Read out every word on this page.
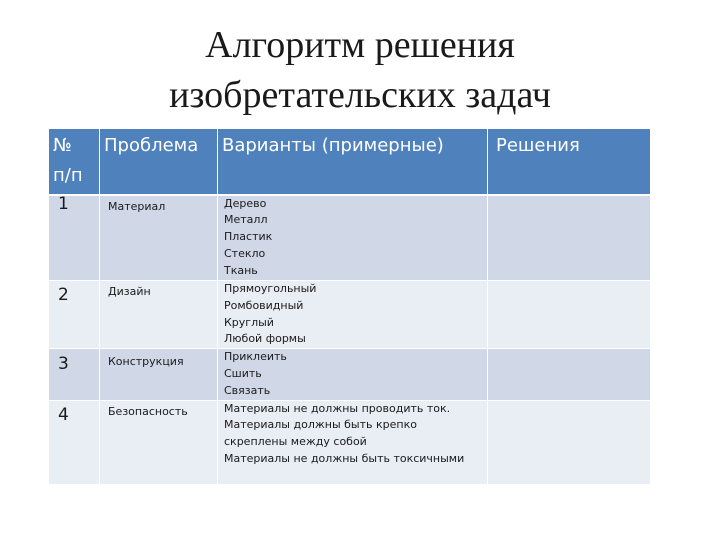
Алгоритм решения
изобретательских задач
№
п/п	Проблема	Варианты (примерные)	Решения
1	Материал	Дерево
Металл
Пластик
Стекло
Ткань	

2	Дизайн	Прямоугольный
Ромбовидный
Круглый
Любой формы	

3	Конструкция	Приклеить
Сшить
Связать	

4	Безопасность	Материалы не должны проводить ток.
Материалы должны быть крепко
скреплены между собой
Материалы не должны быть токсичными	
